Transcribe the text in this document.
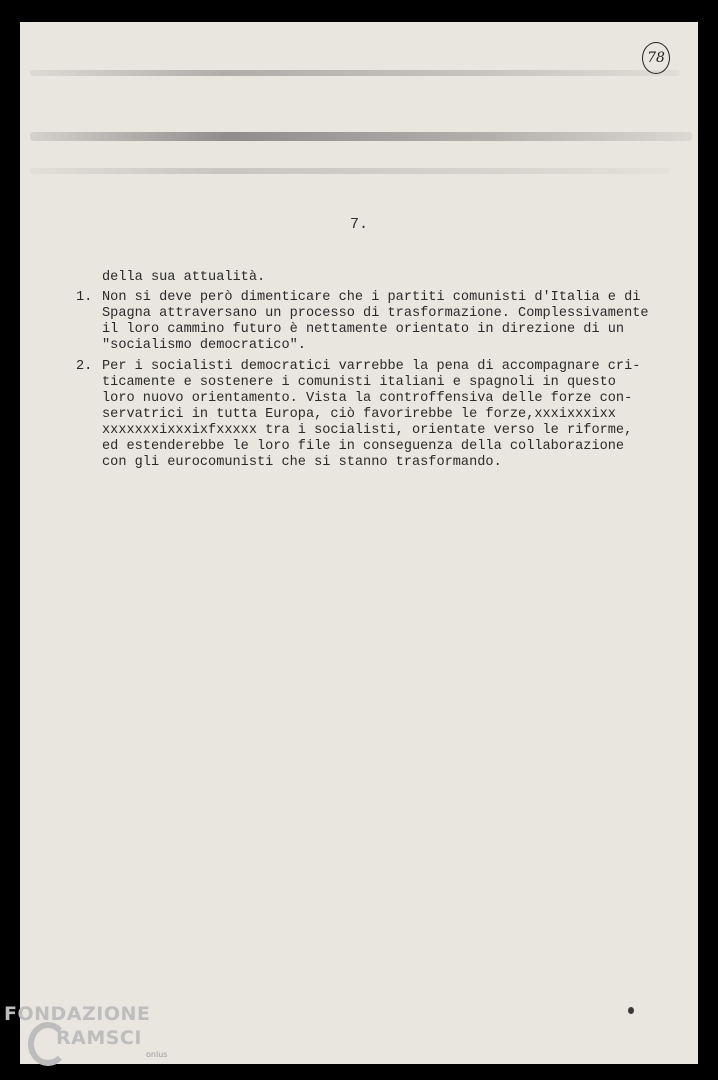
78
7.
della sua attualità.
1. Non si deve però dimenticare che i partiti comunisti d'Italia e di
Spagna attraversano un processo di trasformazione. Complessivamente
il loro cammino futuro è nettamente orientato in direzione di un
"socialismo democratico".
2. Per i socialisti democratici varrebbe la pena di accompagnare cri-
ticamente e sostenere i comunisti italiani e spagnoli in questo
loro nuovo orientamento. Vista la controffensiva delle forze con-
servatrici in tutta Europa, ciò favorirebbe le forze,xxxixxxixx
xxxxxxxixxxixfxxxxx tra i socialisti, orientate verso le riforme,
ed estenderebbe le loro file in conseguenza della collaborazione
con gli eurocomunisti che si stanno trasformando.
FONDAZIONE
RAMSCI
onlus
